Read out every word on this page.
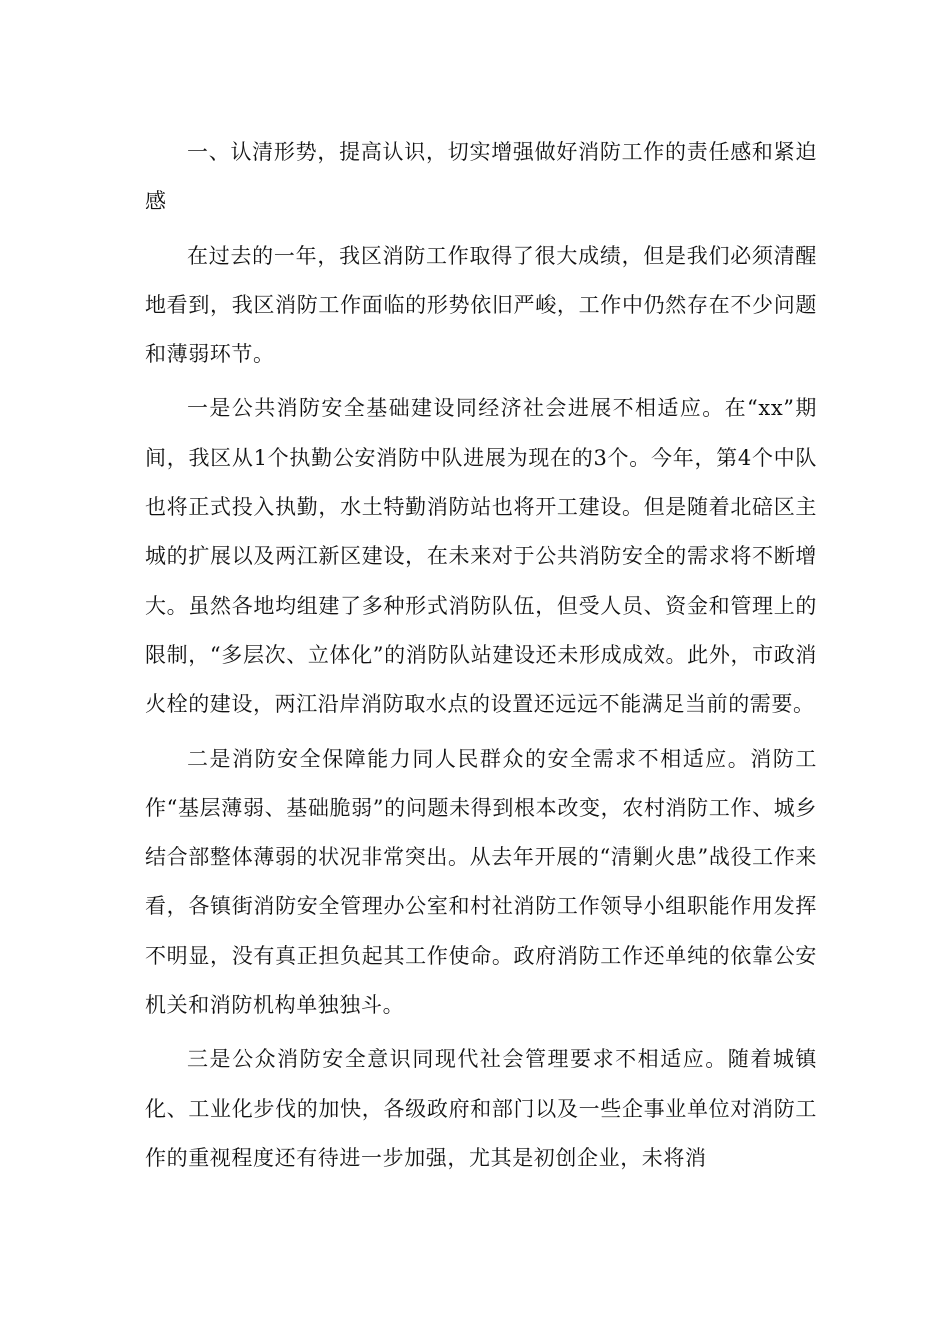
一、认清形势，提高认识，切实增强做好消防工作的责任感和紧迫感

在过去的一年，我区消防工作取得了很大成绩，但是我们必须清醒地看到，我区消防工作面临的形势依旧严峻，工作中仍然存在不少问题和薄弱环节。

一是公共消防安全基础建设同经济社会进展不相适应。在“xx”期间，我区从1个执勤公安消防中队进展为现在的3个。今年，第4个中队也将正式投入执勤，水土特勤消防站也将开工建设。但是随着北碚区主城的扩展以及两江新区建设，在未来对于公共消防安全的需求将不断增大。虽然各地均组建了多种形式消防队伍，但受人员、资金和管理上的限制，“多层次、立体化”的消防队站建设还未形成成效。此外，市政消火栓的建设，两江沿岸消防取水点的设置还远远不能满足当前的需要。

二是消防安全保障能力同人民群众的安全需求不相适应。消防工作“基层薄弱、基础脆弱”的问题未得到根本改变，农村消防工作、城乡结合部整体薄弱的状况非常突出。从去年开展的“清剿火患”战役工作来看，各镇街消防安全管理办公室和村社消防工作领导小组职能作用发挥不明显，没有真正担负起其工作使命。政府消防工作还单纯的依靠公安机关和消防机构单独独斗。

三是公众消防安全意识同现代社会管理要求不相适应。随着城镇化、工业化步伐的加快，各级政府和部门以及一些企事业单位对消防工作的重视程度还有待进一步加强，尤其是初创企业，未将消
